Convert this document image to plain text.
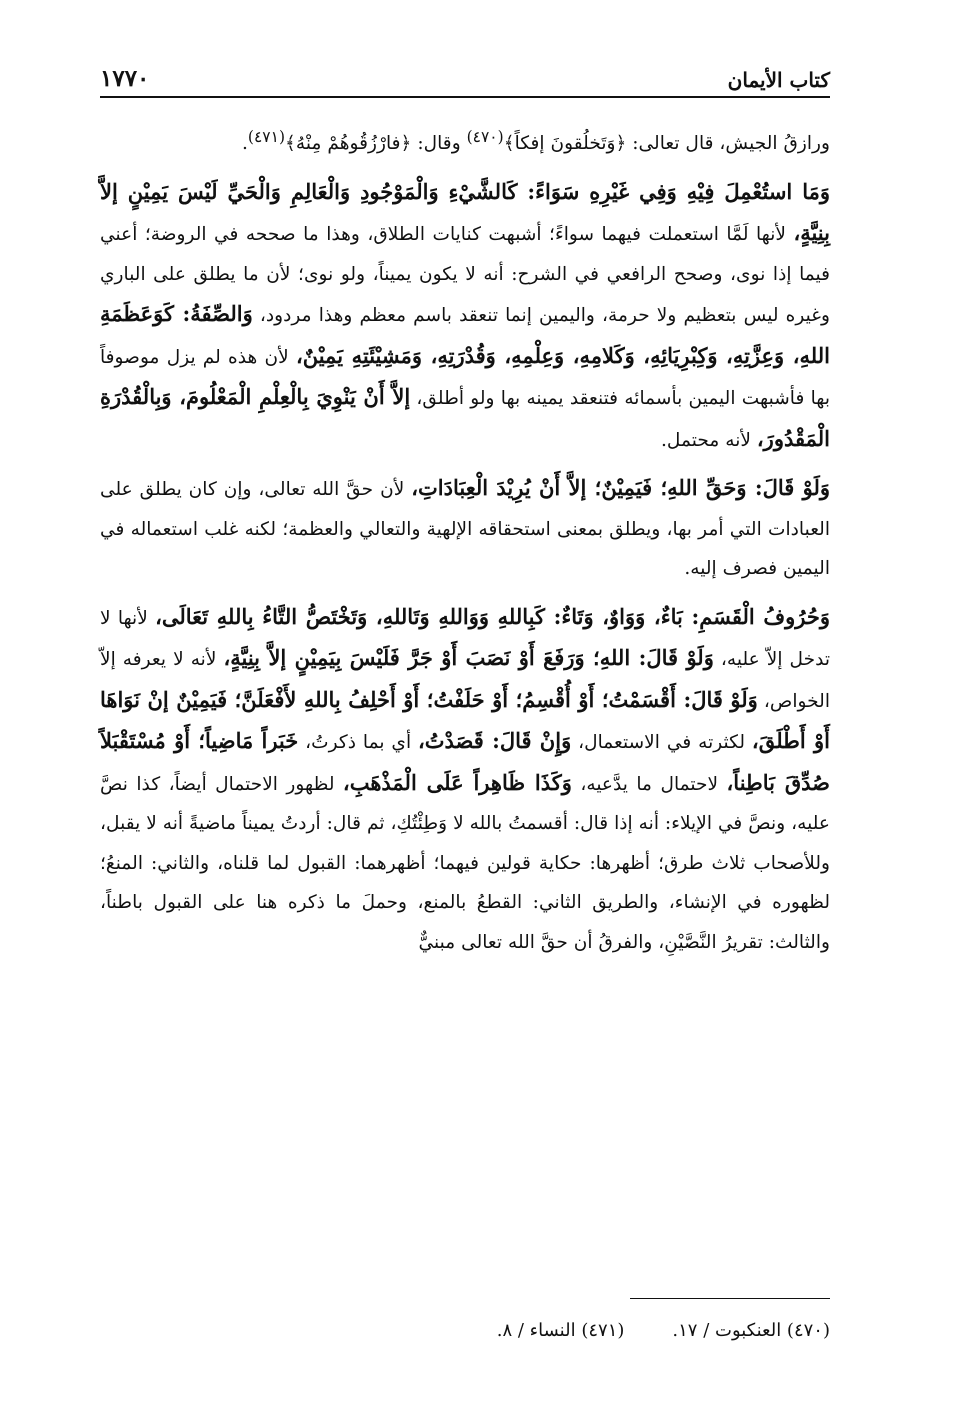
كتاب الأيمان
١٧٧٠

ورازقُ الجيش، قال تعالى: ﴿وَتَخلُقونَ إفكاً﴾$^{(٤٧٠)}$ وقال: ﴿فارْزُقُوهُمْ مِنْهُ﴾$^{(٤٧١)}$.

وَمَا استُعْمِلَ فِيْهِ وَفِي غَيْرِهِ سَوَاءً: كَالشَّيْءِ وَالْمَوْجُودِ وَالْعَالِمِ وَالْحَيِّ لَيْسَ يَمِيْنٍ إلاَّ بِنِيَّةٍ، لأنها لَمَّا استعملت فيهما سواءً؛ أشبهت كنايات الطلاق، وهذا ما صححه في الروضة؛ أعني فيما إذا نوى، وصحح الرافعي في الشرح: أنه لا يكون يميناً، ولو نوى؛ لأن ما يطلق على الباري وغيره ليس بتعظيم ولا حرمة، واليمين إنما تنعقد باسم معظم وهذا مردود، وَالصِّفَةُ: كَوَعَظَمَةِ اللهِ، وَعِزَّتِهِ، وَكِبْرِيَائِهِ، وَكَلامِهِ، وَعِلْمِهِ، وَقُدْرَتِهِ، وَمَشِيْئَتِهِ يَمِيْنٌ، لأن هذه لم يزل موصوفاً بها فأشبهت اليمين بأسمائه فتنعقد يمينه بها ولو أطلق، إلاَّ أَنْ يَنْوِيَ بِالْعِلْمِ الْمَعْلُومَ، وَبِالْقُدْرَةِ الْمَقْدُورَ، لأنه محتمل.

وَلَوْ قَالَ: وَحَقِّ اللهِ؛ فَيَمِيْنٌ؛ إلاَّ أَنْ يُرِيْدَ الْعِبَادَاتِ، لأن حقَّ الله تعالى، وإن كان يطلق على العبادات التي أمر بها، ويطلق بمعنى استحقاقه الإلهية والتعالي والعظمة؛ لكنه غلب استعماله في اليمين فصرف إليه.

وَحُرُوفُ الْقَسَمِ: بَاءٌ، وَوَاوٌ، وَتَاءٌ: كَبِاللهِ وَوَاللهِ وَتَاللهِ، وَتَخْتَصُّ التَّاءُ بِاللهِ تَعَالَى، لأنها لا تدخل إلاّ عليه، وَلَوْ قَالَ: اللهِ؛ وَرَفَعَ أَوْ نَصَبَ أَوْ جَرَّ فَلَيْسَ بِيَمِيْنٍ إلاَّ بِنِيَّةٍ، لأنه لا يعرفه إلاّ الخواص، وَلَوْ قَالَ: أَقْسَمْتُ؛ أَوْ أُقْسِمُ؛ أَوْ حَلَفْتُ؛ أَوْ أَحْلِفُ بِاللهِ لأَفْعَلَنَّ؛ فَيَمِيْنٌ إنْ نَوَاهَا أَوْ أَطْلَقَ، لكثرته في الاستعمال، وَإِنْ قَالَ: قَصَدْتُ، أي بما ذكرتُ، خَبَراً مَاضِياً؛ أَوْ مُسْتَقْبَلاً صُدِّقَ بَاطِناً، لاحتمال ما يدَّعيه، وَكَذَا ظَاهِراً عَلَى الْمَذْهَبِ، لظهور الاحتمال أيضاً، كذا نصَّ عليه، ونصَّ في الإيلاء: أنه إذا قال: أقسمتُ بالله لا وَطِئْتُكِ، ثم قال: أردتُ يميناً ماضيةً أنه لا يقبل، وللأصحاب ثلاث طرق؛ أظهرها: حكاية قولين فيهما؛ أظهرهما: القبول لما قلناه، والثاني: المنعُ؛ لظهوره في الإنشاء، والطريق الثاني: القطعُ بالمنع، وحملَ ما ذكره هنا على القبول باطناً، والثالث: تقريرُ النَّصَّيْنِ، والفرقُ أن حقَّ الله تعالى مبنيٌّ

(٤٧٠) العنكبوت / ١٧.
(٤٧١) النساء / ٨.
